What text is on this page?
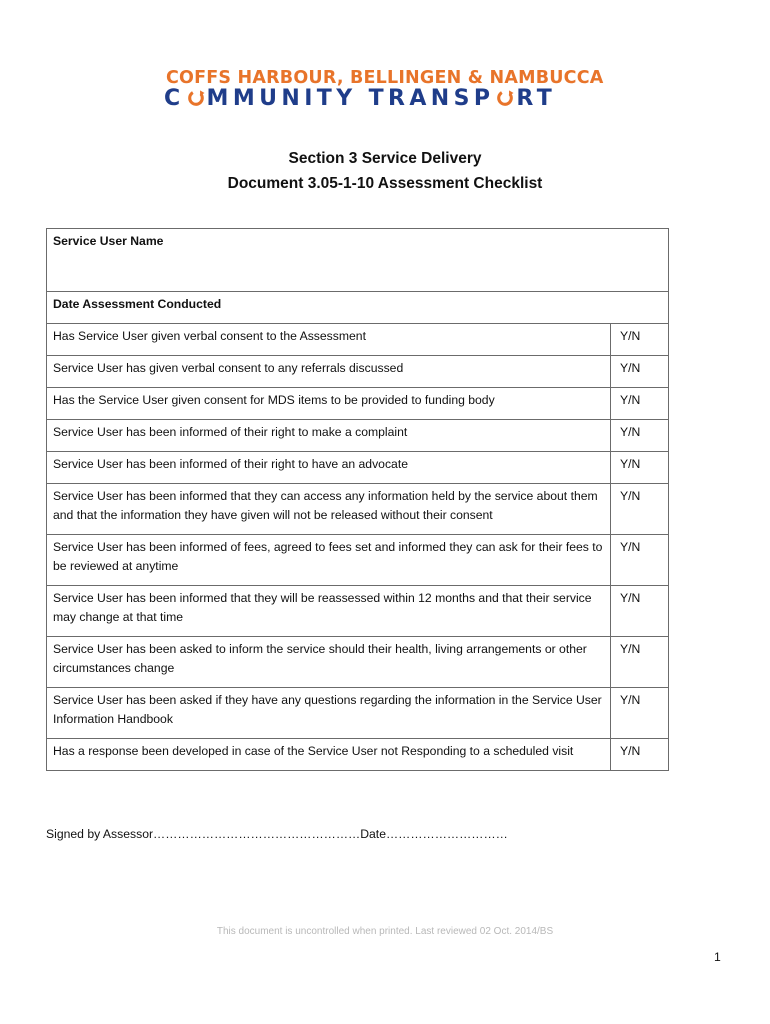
COFFS HARBOUR, BELLINGEN & NAMBUCCA
C MMUNITY TRANSP RT
Section 3 Service Delivery
Document 3.05-1-10 Assessment Checklist
Service User Name	
Date Assessment Conducted	
Has Service User given verbal consent to the Assessment	Y/N
Service User has given verbal consent to any referrals discussed	Y/N
Has the Service User given consent for MDS items to be provided to funding body	Y/N
Service User has been informed of their right to make a complaint	Y/N
Service User has been informed of their right to have an advocate	Y/N
Service User has been informed that they can access any information held by the service about them and that the information they have given will not be released without their consent	Y/N
Service User has been informed of fees, agreed to fees set and informed they can ask for their fees to be reviewed at anytime	Y/N
Service User has been informed that they will be reassessed within 12 months and that their service may change at that time	Y/N
Service User has been asked to inform the service should their health, living arrangements or other circumstances change	Y/N
Service User has been asked if they have any questions regarding the information in the Service User Information Handbook	Y/N
Has a response been developed in case of the Service User not Responding to a scheduled visit	Y/N
Signed by Assessor……………………………………………Date…………………………
This document is uncontrolled when printed. Last reviewed 02 Oct. 2014/BS
1
